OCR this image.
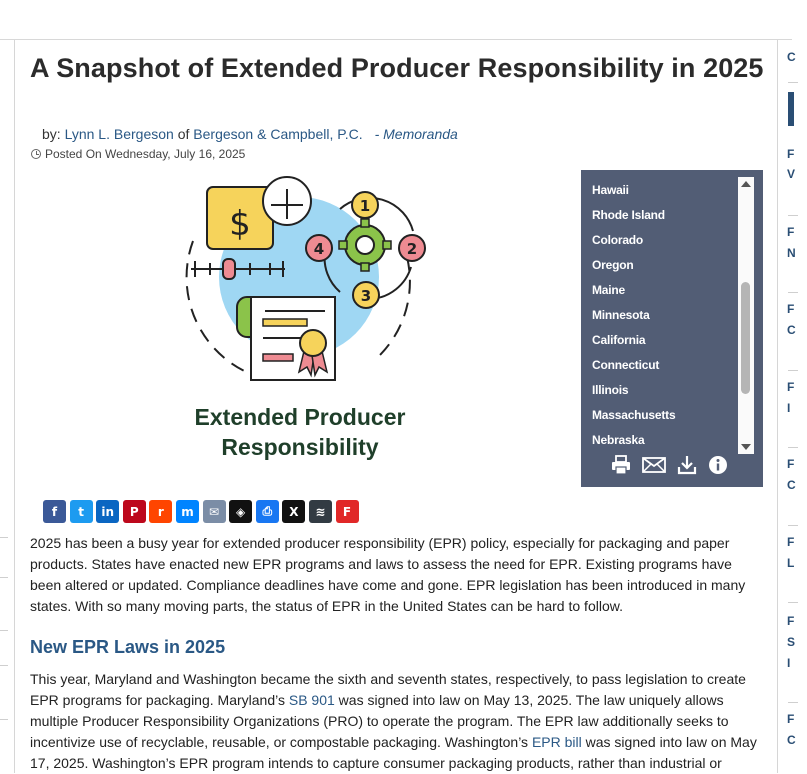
C
F
V
F
N
F
C
F
I
F
C
F
L
F
S
I
F
C
A Snapshot of Extended Producer Responsibility in 2025
by: Lynn L. Bergeson of Bergeson & Campbell, P.C. - Memoranda
Posted On Wednesday, July 16, 2025
$	1
2
3
4
Extended Producer
Responsibility
Hawaii
Rhode Island
Colorado
Oregon
Maine
Minnesota
California
Connecticut
Illinois
Massachusetts
Nebraska
f t in P r m ✉ ◈ ⎙ X ≋ F

2025 has been a busy year for extended producer responsibility (EPR) policy, especially for packaging and paper products. States have enacted new EPR programs and laws to assess the need for EPR. Existing programs have been altered or updated. Compliance deadlines have come and gone. EPR legislation has been introduced in many states. With so many moving parts, the status of EPR in the United States can be hard to follow.

New EPR Laws in 2025

This year, Maryland and Washington became the sixth and seventh states, respectively, to pass legislation to create EPR programs for packaging. Maryland’s SB 901 was signed into law on May 13, 2025. The law uniquely allows multiple Producer Responsibility Organizations (PRO) to operate the program. The EPR law additionally seeks to incentivize use of recyclable, reusable, or compostable packaging. Washington’s EPR bill was signed into law on May 17, 2025. Washington’s EPR program intends to capture consumer packaging products, rather than industrial or
